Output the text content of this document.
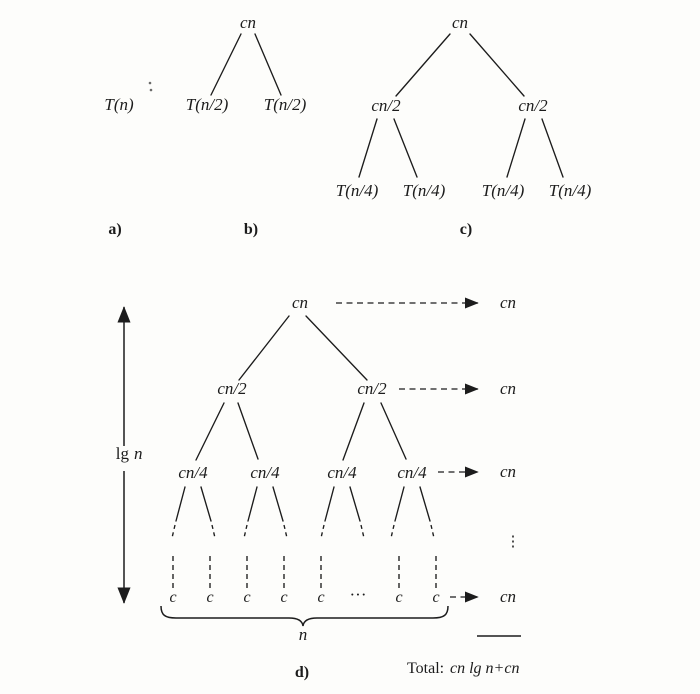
T(n)
a)
cn
T(n/2) T(n/2)
b)
cn
cn/2	cn/2
T(n/4) T(n/4) T(n/4) T(n/4)
c)
lg n
cn
cn/2	cn/2
cn/4	cn/4	cn/4 cn/4
c c c c c ··· c c
cn
cn
cn
cn
⋮
n
d)	Total: cn lg n+cn
